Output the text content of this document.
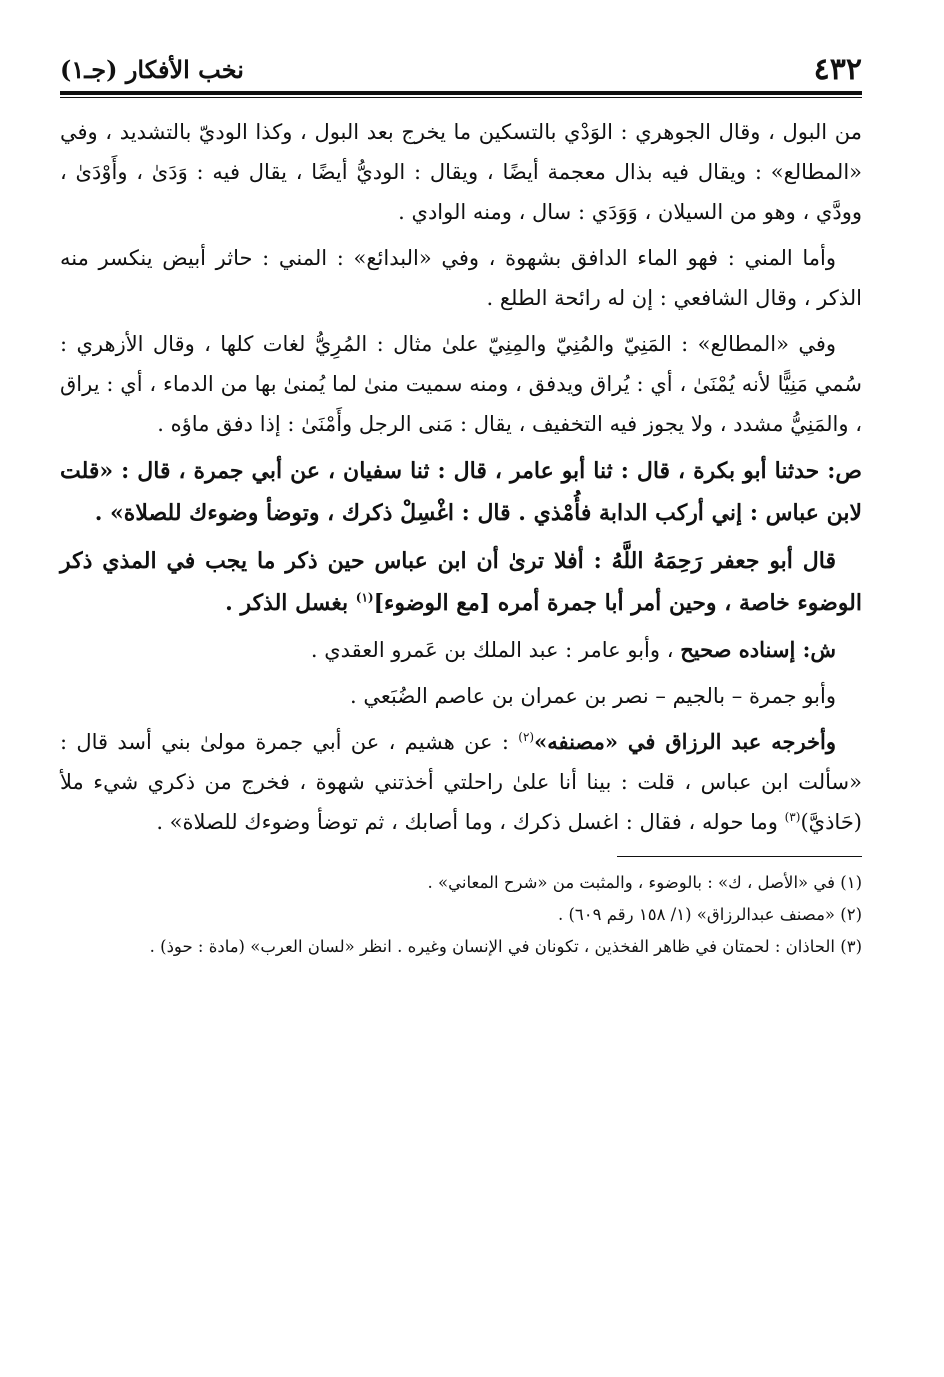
٤٣٢
نخب الأفكار (جـ١)

من البول ، وقال الجوهري : الوَدْي بالتسكين ما يخرج بعد البول ، وكذا الوديّ بالتشديد ، وفي «المطالع» : ويقال فيه بذال معجمة أيضًا ، ويقال : الوديُّ أيضًا ، يقال فيه : وَدَىٰ ، وأَوْدَىٰ ، وودَّي ، وهو من السيلان ، وَوَدَي : سال ، ومنه الوادي .

وأما المني : فهو الماء الدافق بشهوة ، وفي «البدائع» : المني : حاثر أبيض ينكسر منه الذكر ، وقال الشافعي : إن له رائحة الطلع .

وفي «المطالع» : المَنِيّ والمُنِيّ والمِنِيّ علىٰ مثال : المُرِيُّ لغات كلها ، وقال الأزهري : سُمي مَنِيًّا لأنه يُمْنَىٰ ، أي : يُراق ويدفق ، ومنه سميت منىٰ لما يُمنىٰ بها من الدماء ، أي : يراق ، والمَنِيُّ مشدد ، ولا يجوز فيه التخفيف ، يقال : مَنى الرجل وأَمْنَىٰ : إذا دفق ماؤه .

ص: حدثنا أبو بكرة ، قال : ثنا أبو عامر ، قال : ثنا سفيان ، عن أبي جمرة ، قال : «قلت لابن عباس : إني أركب الدابة فأُمْذي . قال : اغْسِلْ ذكرك ، وتوضأ وضوءك للصلاة» .

قال أبو جعفر رَحِمَهُ اللَّهُ : أفلا ترىٰ أن ابن عباس حين ذكر ما يجب في المذي ذكر الوضوء خاصة ، وحين أمر أبا جمرة أمره [مع الوضوء]$^{(١)}$ بغسل الذكر .

ش: إسناده صحيح ، وأبو عامر : عبد الملك بن عَمرو العقدي .

وأبو جمرة – بالجيم – نصر بن عمران بن عاصم الضُبَعي .

وأخرجه عبد الرزاق في «مصنفه»$^{(٢)}$ : عن هشيم ، عن أبي جمرة مولىٰ بني أسد قال : «سألت ابن عباس ، قلت : بينا أنا علىٰ راحلتي أخذتني شهوة ، فخرج من ذكري شيء ملأ (حَاذيَّ)$^{(٣)}$ وما حوله ، فقال : اغسل ذكرك ، وما أصابك ، ثم توضأ وضوءك للصلاة» .

(١) في «الأصل ، ك» : بالوضوء ، والمثبت من «شرح المعاني» .

(٢) «مصنف عبدالرزاق» (١/ ١٥٨ رقم ٦٠٩) .

(٣) الحاذان : لحمتان في ظاهر الفخذين ، تكونان في الإنسان وغيره . انظر «لسان العرب» (مادة : حوذ) .
